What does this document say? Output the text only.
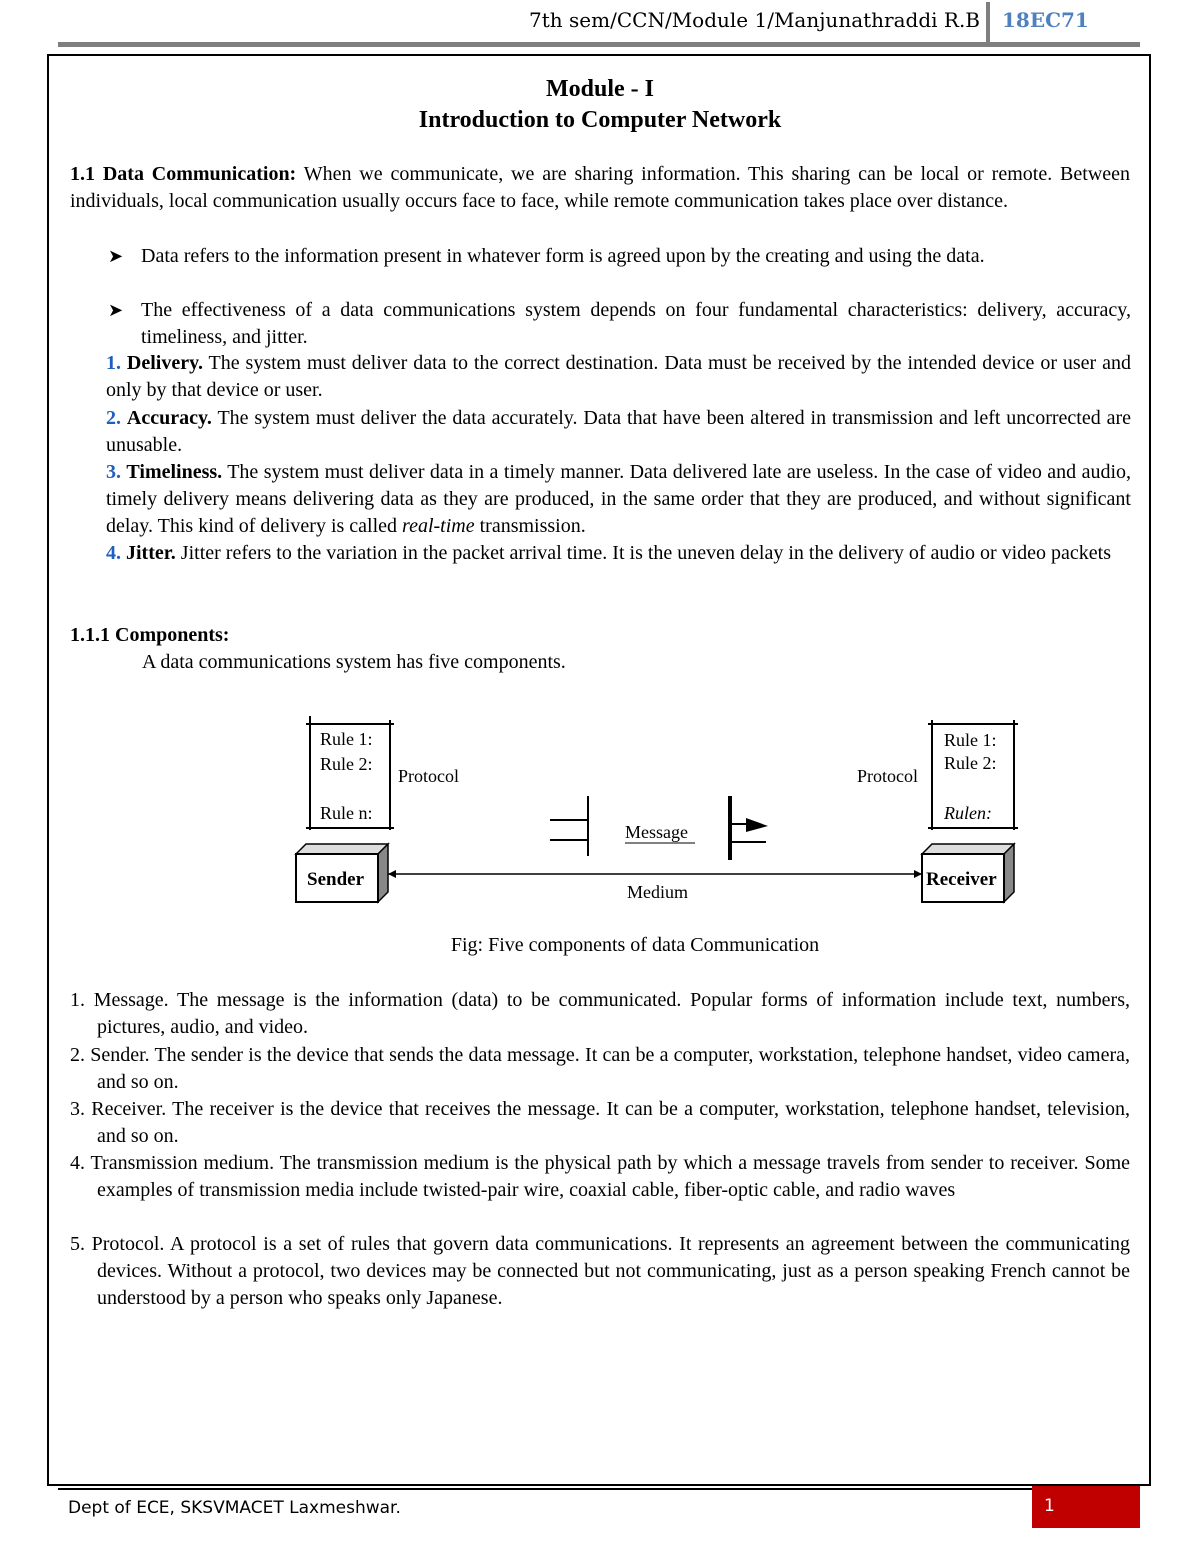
7th sem/CCN/Module 1/Manjunathraddi R.B 18EC71
Module - I
Introduction to Computer Network
1.1 Data Communication: When we communicate, we are sharing information. This sharing can be local or remote. Between individuals, local communication usually occurs face to face, while remote communication takes place over distance.
➤ Data refers to the information present in whatever form is agreed upon by the creating and using the data.
➤ The effectiveness of a data communications system depends on four fundamental characteristics: delivery, accuracy, timeliness, and jitter.
1. Delivery. The system must deliver data to the correct destination. Data must be received by the intended device or user and only by that device or user.
2. Accuracy. The system must deliver the data accurately. Data that have been altered in transmission and left uncorrected are unusable.
3. Timeliness. The system must deliver data in a timely manner. Data delivered late are useless. In the case of video and audio, timely delivery means delivering data as they are produced, in the same order that they are produced, and without significant delay. This kind of delivery is called real-time transmission.
4. Jitter. Jitter refers to the variation in the packet arrival time. It is the uneven delay in the delivery of audio or video packets
1.1.1 Components:
A data communications system has five components.
Rule 1:
Rule 2:
Rule n:
Protocol
Rule 1:
Rule 2:
Rulen:
Protocol
Message
Medium
Sender	Receiver
Fig: Five components of data Communication
1. Message. The message is the information (data) to be communicated. Popular forms of information include text, numbers, pictures, audio, and video.
2. Sender. The sender is the device that sends the data message. It can be a computer, workstation, telephone handset, video camera, and so on.
3. Receiver. The receiver is the device that receives the message. It can be a computer, workstation, telephone handset, television, and so on.
4. Transmission medium. The transmission medium is the physical path by which a message travels from sender to receiver. Some examples of transmission media include twisted-pair wire, coaxial cable, fiber-optic cable, and radio waves
5. Protocol. A protocol is a set of rules that govern data communications. It represents an agreement between the communicating devices. Without a protocol, two devices may be connected but not communicating, just as a person speaking French cannot be understood by a person who speaks only Japanese.
Dept of ECE, SKSVMACET Laxmeshwar.	1
